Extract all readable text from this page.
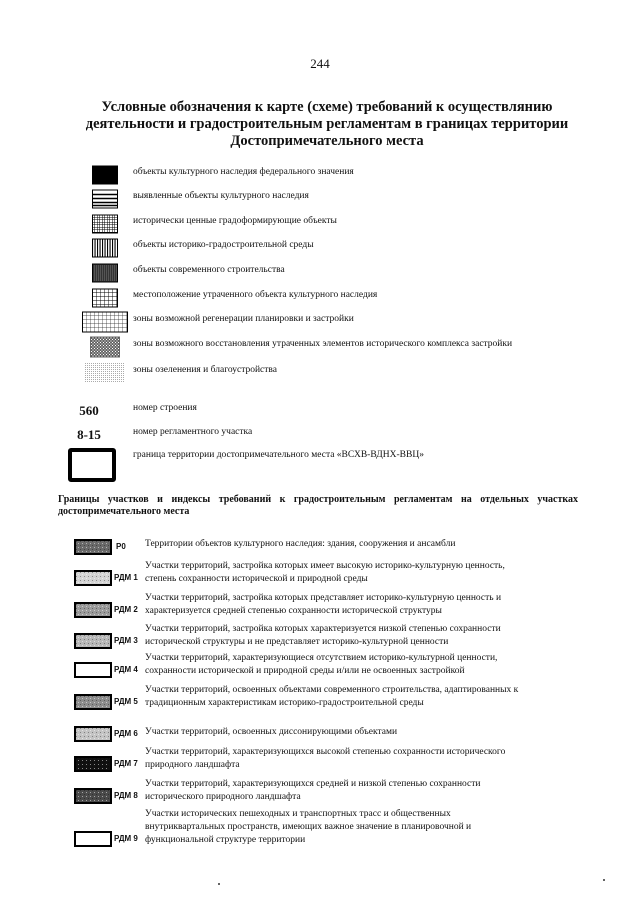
244
Условные обозначения к карте (схеме) требований к осуществлянию
деятельности и градостроительным регламентам в границах территории
Достопримечательного места
объекты культурного наследия федерального значения
выявленные объекты культурного наследия
исторически ценные градоформирующие объекты
объекты историко-градостроительной среды
объекты современного строительства
местоположение утраченного объекта культурного наследия
зоны возможной регенерации планировки и застройки
зоны возможного восстановления утраченных элементов исторического комплекса застройки
зоны озеленения и благоустройства
560	номер строения
8-15	номер регламентного участка
граница территории достопримечательного места «ВСХВ-ВДНХ-ВВЦ»
Границы участков и индексы требований к градостроительным регламентам на отдельных участках достопримечательного места
Р0 Территории объектов культурного наследия: здания, сооружения и ансамбли
РДМ 1
Участки территорий, застройка которых имеет высокую историко-культурную ценность,
степень сохранности исторической и природной среды
РДМ 2
Участки территорий, застройка которых представляет историко-культурную ценность и
характеризуется средней степенью сохранности исторической структуры
РДМ 3
Участки территорий, застройка которых характеризуется низкой степенью сохранности
исторической структуры и не представляет историко-культурной ценности
РДМ 4
Участки территорий, характеризующиеся отсутствием историко-культурной ценности,
сохранности исторической и природной среды и/или не освоенных застройкой
РДМ 5
Участки территорий, освоенных объектами современного строительства, адаптированных к
традиционным характеристикам историко-градостроительной среды
РДМ 6 Участки территорий, освоенных диссонирующими объектами
РДМ 7
Участки территорий, характеризующихся высокой степенью сохранности исторического
природного ландшафта
РДМ 8
Участки территорий, характеризующихся средней и низкой степенью сохранности
исторического природного ландшафта
РДМ 9
Участки исторических пешеходных и транспортных трасс и общественных
внутриквартальных пространств, имеющих важное значение в планировочной и
функциональной структуре территории
